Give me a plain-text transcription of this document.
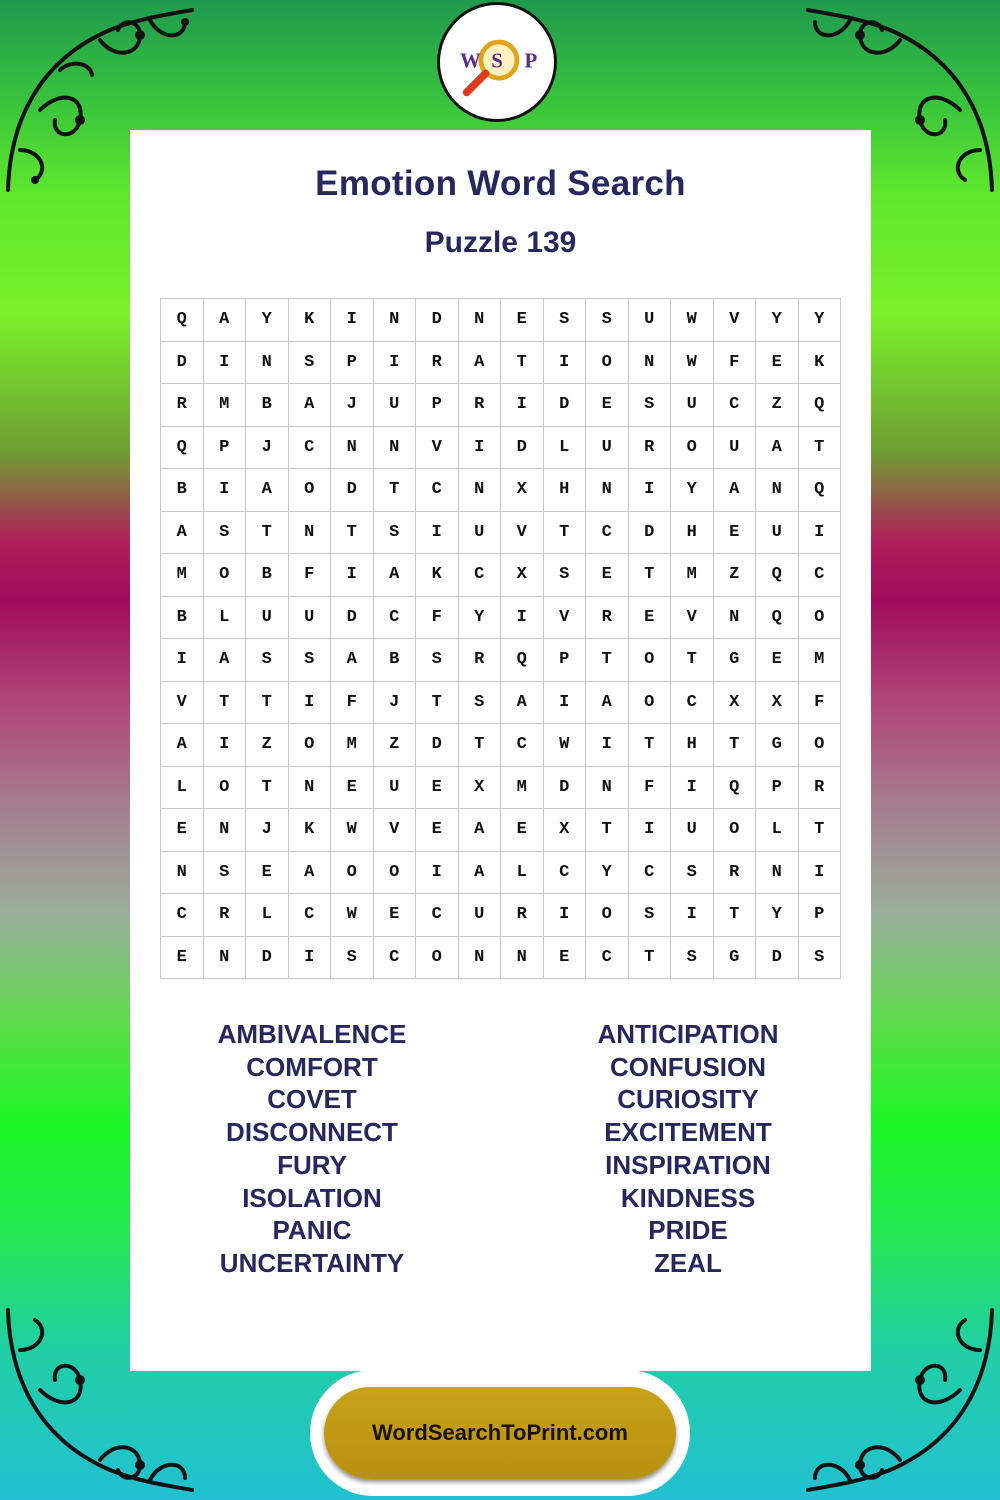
W S P
Emotion Word Search
Puzzle 139
Q	A	Y	K	I	N	D	N	E	S	S	U	W	V	Y	Y
D	I	N	S	P	I	R	A	T	I	O	N	W	F	E	K
R	M	B	A	J	U	P	R	I	D	E	S	U	C	Z	Q
Q	P	J	C	N	N	V	I	D	L	U	R	O	U	A	T
B	I	A	O	D	T	C	N	X	H	N	I	Y	A	N	Q
A	S	T	N	T	S	I	U	V	T	C	D	H	E	U	I
M	O	B	F	I	A	K	C	X	S	E	T	M	Z	Q	C
B	L	U	U	D	C	F	Y	I	V	R	E	V	N	Q	O
I	A	S	S	A	B	S	R	Q	P	T	O	T	G	E	M
V	T	T	I	F	J	T	S	A	I	A	O	C	X	X	F
A	I	Z	O	M	Z	D	T	C	W	I	T	H	T	G	O
L	O	T	N	E	U	E	X	M	D	N	F	I	Q	P	R
E	N	J	K	W	V	E	A	E	X	T	I	U	O	L	T
N	S	E	A	O	O	I	A	L	C	Y	C	S	R	N	I
C	R	L	C	W	E	C	U	R	I	O	S	I	T	Y	P
E	N	D	I	S	C	O	N	N	E	C	T	S	G	D	S
AMBIVALENCE
COMFORT
COVET
DISCONNECT
FURY
ISOLATION
PANIC
UNCERTAINTY
ANTICIPATION
CONFUSION
CURIOSITY
EXCITEMENT
INSPIRATION
KINDNESS
PRIDE
ZEAL
WordSearchToPrint.com
